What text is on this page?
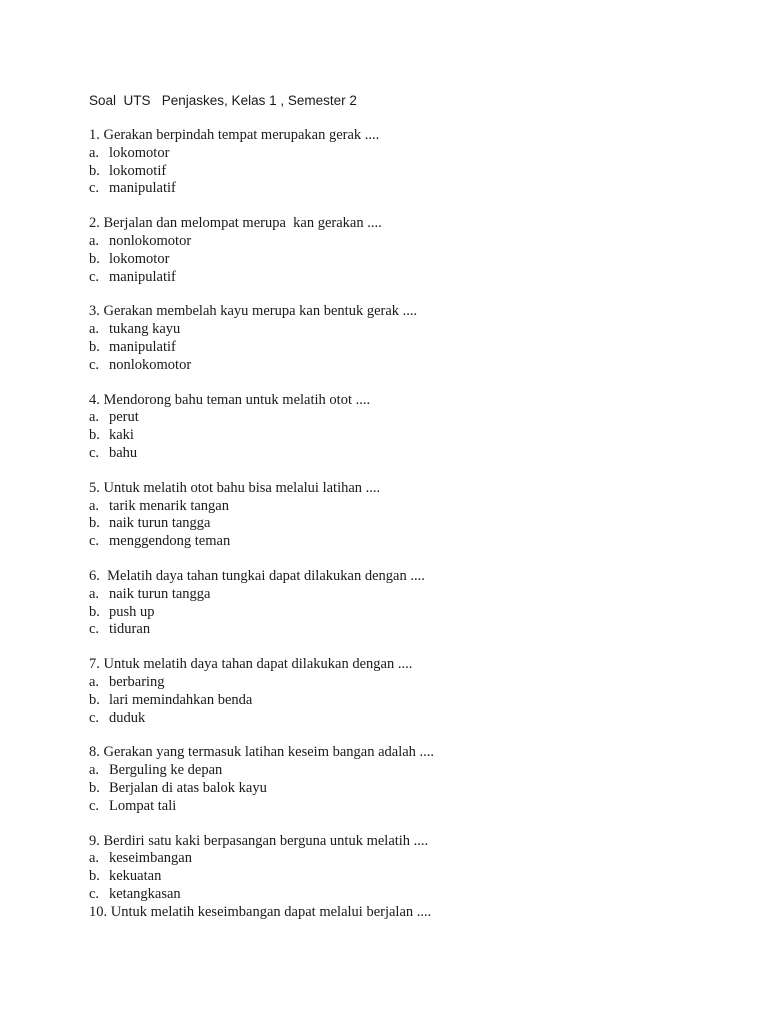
Soal  UTS   Penjaskes, Kelas 1 , Semester 2
1. Gerakan berpindah tempat merupakan gerak ....
a. lokomotor
b. lokomotif
c. manipulatif
2. Berjalan dan melompat merupa  kan gerakan ....
a. nonlokomotor
b. lokomotor
c. manipulatif
3. Gerakan membelah kayu merupa kan bentuk gerak ....
a. tukang kayu
b. manipulatif
c. nonlokomotor
4. Mendorong bahu teman untuk melatih otot ....
a. perut
b. kaki
c. bahu
5. Untuk melatih otot bahu bisa melalui latihan ....
a. tarik menarik tangan
b. naik turun tangga
c. menggendong teman
6.  Melatih daya tahan tungkai dapat dilakukan dengan ....
a. naik turun tangga
b. push up
c. tiduran
7. Untuk melatih daya tahan dapat dilakukan dengan ....
a. berbaring
b. lari memindahkan benda
c. duduk
8. Gerakan yang termasuk latihan keseim bangan adalah ....
a. Berguling ke depan
b. Berjalan di atas balok kayu
c. Lompat tali
9. Berdiri satu kaki berpasangan berguna untuk melatih ....
a. keseimbangan
b. kekuatan
c. ketangkasan
10. Untuk melatih keseimbangan dapat melalui berjalan ....
